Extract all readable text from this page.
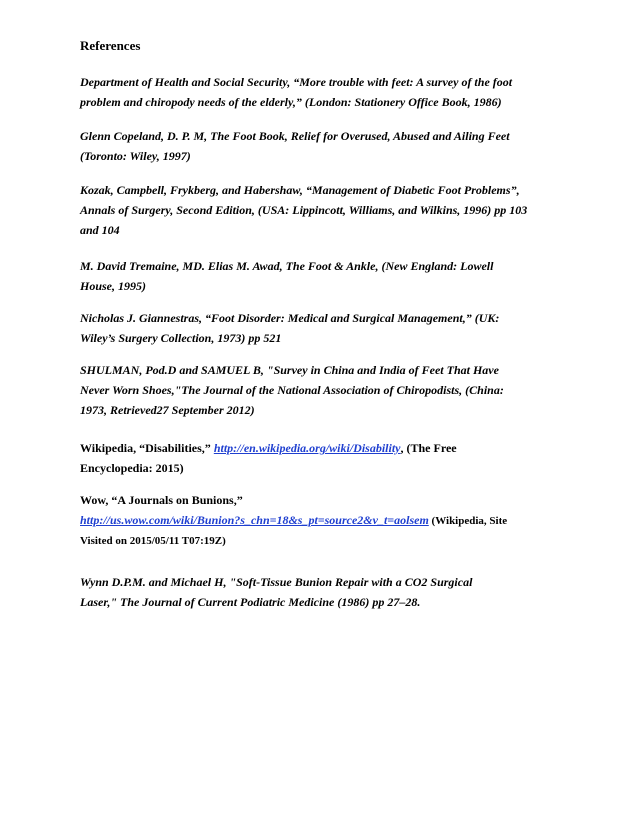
References
Department of Health and Social Security, “More trouble with feet: A survey of the foot
problem and chiropody needs of the elderly,” (London: Stationery Office Book, 1986)
Glenn Copeland, D. P. M, The Foot Book, Relief for Overused, Abused and Ailing Feet
(Toronto: Wiley, 1997)
Kozak, Campbell, Frykberg, and Habershaw, “Management of Diabetic Foot Problems”,
Annals of Surgery, Second Edition, (USA: Lippincott, Williams, and Wilkins, 1996) pp 103
and 104
M. David Tremaine, MD. Elias M. Awad, The Foot & Ankle, (New England: Lowell
House, 1995)
Nicholas J. Giannestras, “Foot Disorder: Medical and Surgical Management,” (UK:
Wiley’s Surgery Collection, 1973) pp 521
SHULMAN, Pod.D and SAMUEL B, "Survey in China and India of Feet That Have
Never Worn Shoes,"The Journal of the National Association of Chiropodists, (China:
1973, Retrieved27 September 2012)
Wikipedia, “Disabilities,” http://en.wikipedia.org/wiki/Disability, (The Free
Encyclopedia: 2015)
Wow, “A Journals on Bunions,”
http://us.wow.com/wiki/Bunion?s_chn=18&s_pt=source2&v_t=aolsem (Wikipedia, Site
Visited on 2015/05/11 T07:19Z)
Wynn D.P.M. and Michael H, "Soft-Tissue Bunion Repair with a CO2 Surgical
Laser," The Journal of Current Podiatric Medicine (1986) pp 27–28.
